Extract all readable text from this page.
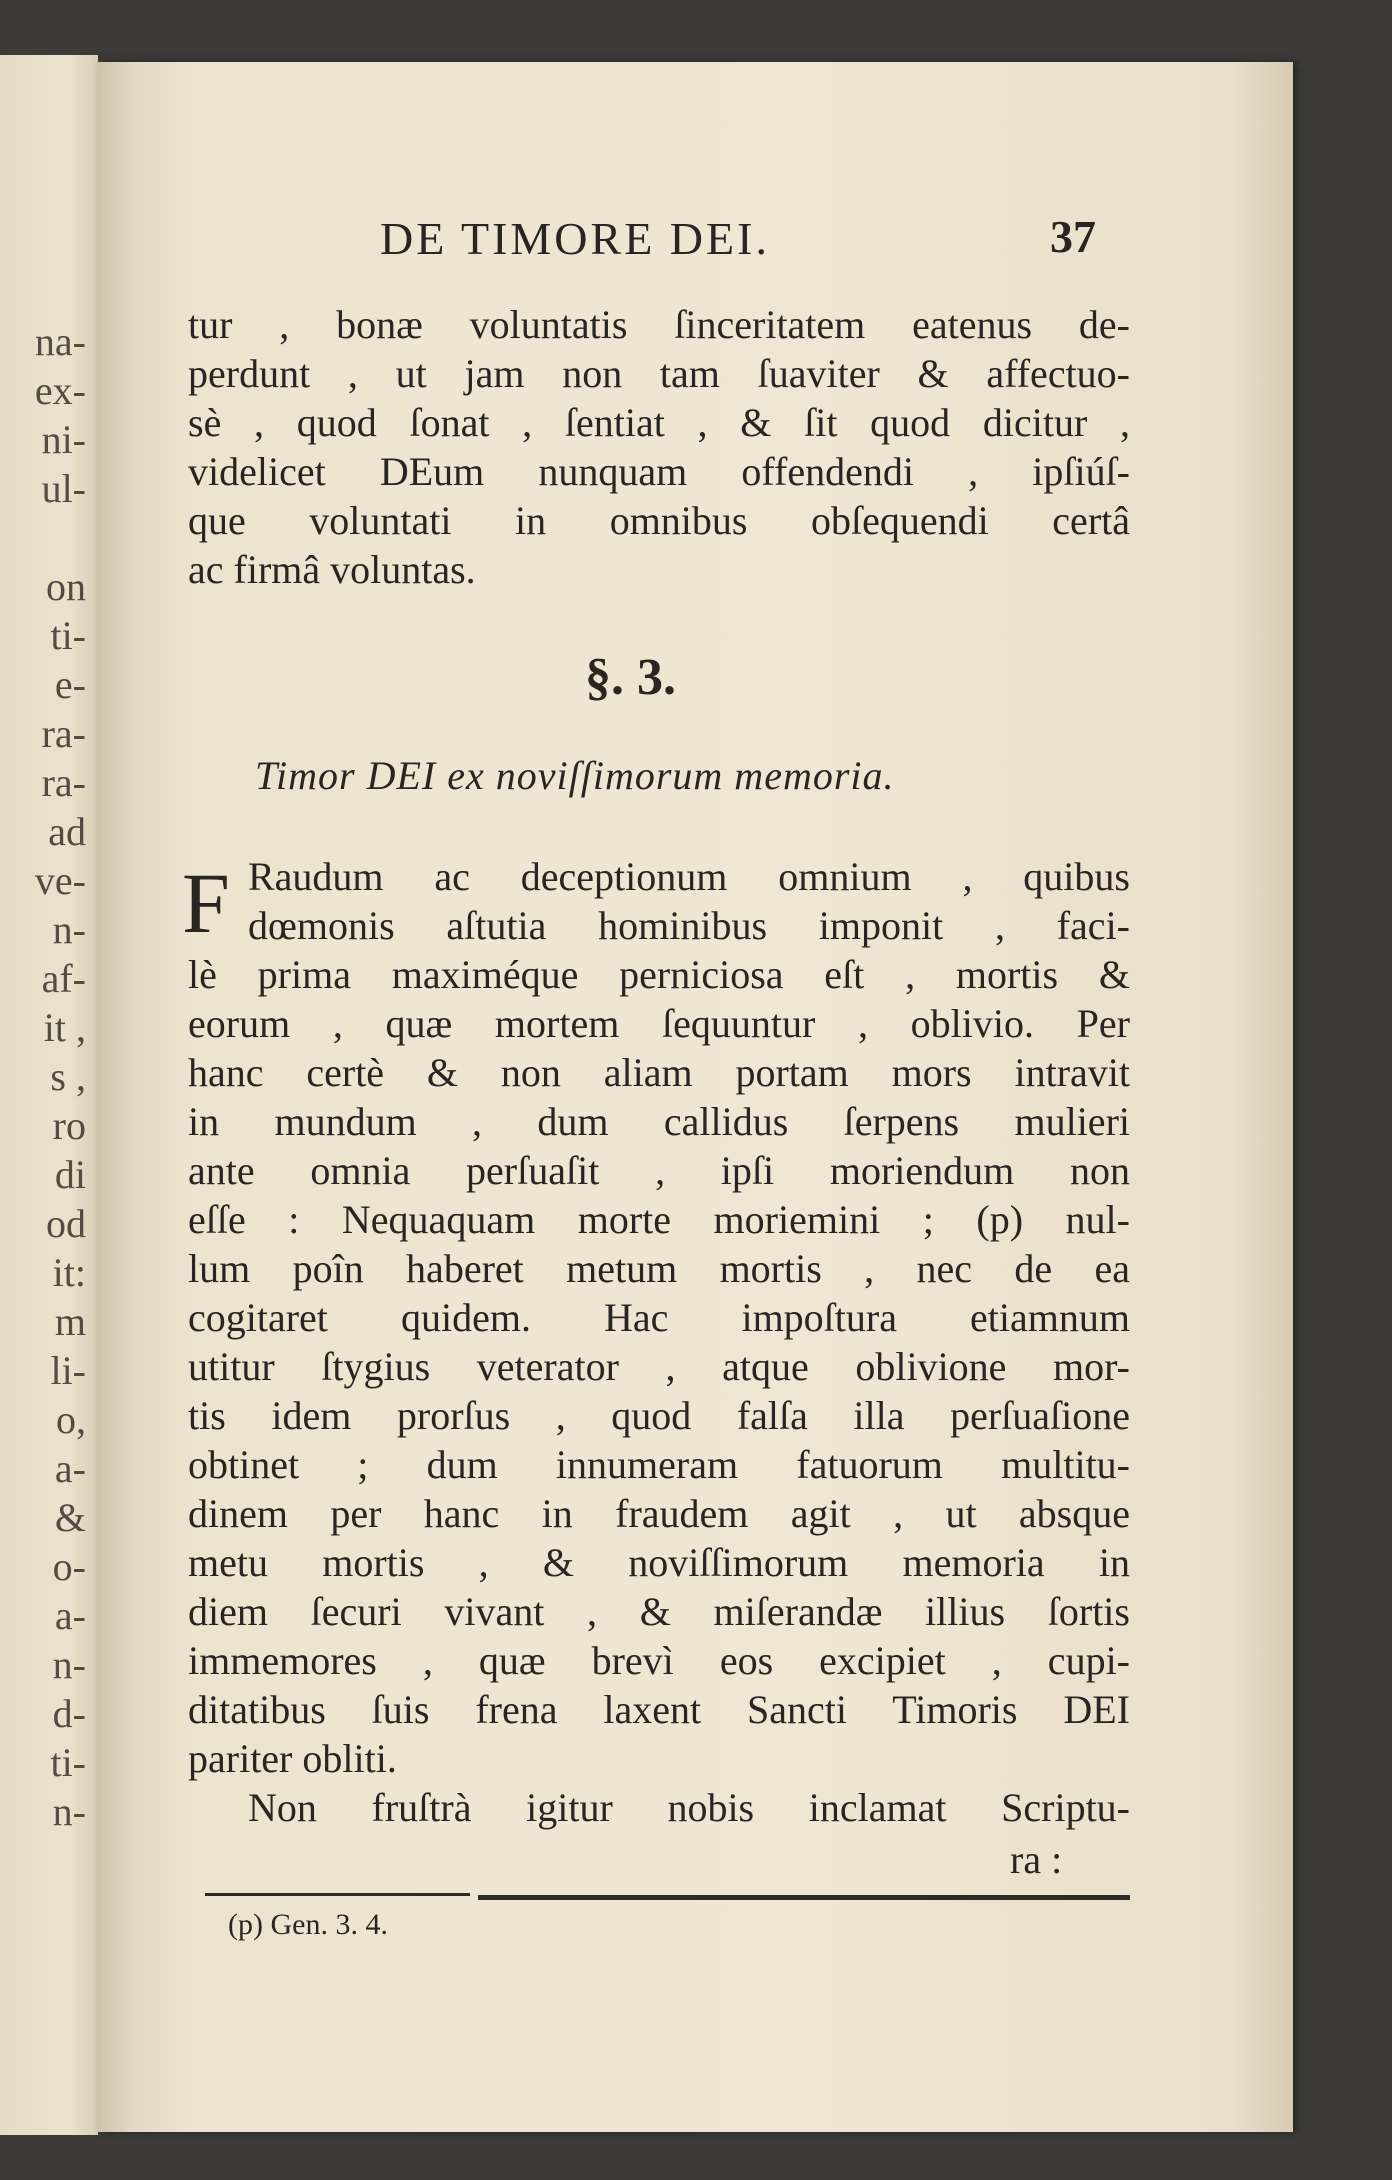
na-
ex-
ni-
ul-
on
ti-
e-
ra-
ra-
ad
ve-
n-
af-
it ,
s ,
ro
di
od
it:
m
li-
o,
a-
&
o-
a-
n-
d-
ti-
n-
DE TIMORE DEI.	37
tur , bonæ voluntatis ſinceritatem eatenus de-
perdunt , ut jam non tam ſuaviter & affectuo-
sè , quod ſonat , ſentiat , & ſit quod dicitur ,
videlicet DEum nunquam offendendi , ipſiúſ-
que voluntati in omnibus obſequendi certâ
ac firmâ voluntas.
§. 3.
Timor DEI ex noviſſimorum memoria.
F Raudum ac deceptionum omnium , quibus
dœmonis aſtutia hominibus imponit , faci-
lè prima maximéque perniciosa eſt , mortis &
eorum , quæ mortem ſequuntur , oblivio. Per
hanc certè & non aliam portam mors intravit
in mundum , dum callidus ſerpens mulieri
ante omnia perſuaſit , ipſi moriendum non
eſſe : Nequaquam morte moriemini ; (p) nul-
lum poîn haberet metum mortis , nec de ea
cogitaret quidem. Hac impoſtura etiamnum
utitur ſtygius veterator , atque oblivione mor-
tis idem prorſus , quod falſa illa perſuaſione
obtinet ; dum innumeram fatuorum multitu-
dinem per hanc in fraudem agit , ut absque
metu mortis , & noviſſimorum memoria in
diem ſecuri vivant , & miſerandæ illius ſortis
immemores , quæ brevì eos excipiet , cupi-
ditatibus ſuis frena laxent Sancti Timoris DEI
pariter obliti.
Non fruſtrà igitur nobis inclamat Scriptu-
ra :
(p) Gen. 3. 4.
